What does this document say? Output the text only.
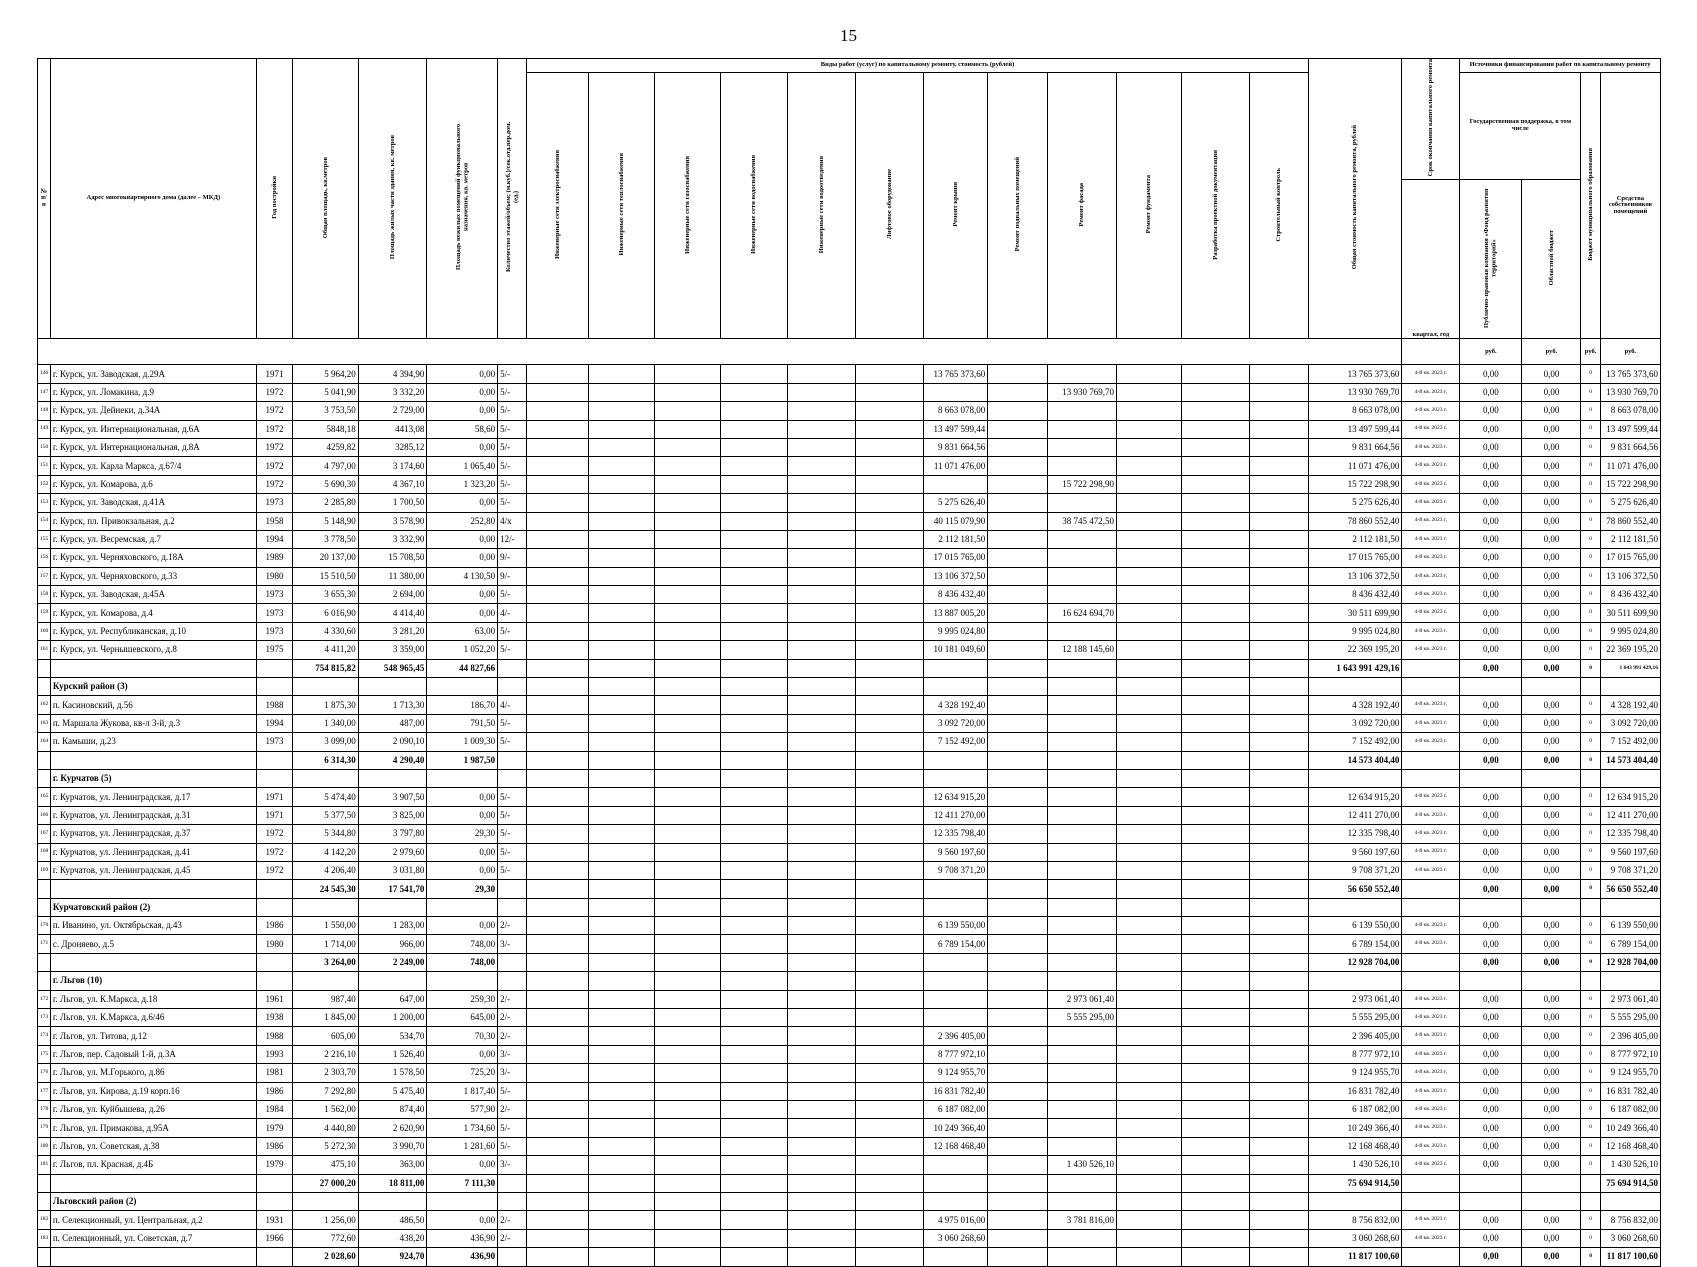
15
№ п/п	Адрес многоквартирного дома (далее – МКД)	Год постройки	Общая площадь, кв.метров	Площадь жилых части здания, кв. метров	Площадь нежилых помещений функционального назначения, кв. метров	Количество этажей/объем; (м.куб.)/сек.отд.пер.дом.(ед.)	Виды работ (услуг) по капитальному ремонту, стоимость (рублей)												Общая стоимость капитального ремонта, рублей	Срок окончания капитального ремонта	Источники финансирования работ по капитальному ремонту			
							Инженерные сети электроснабжения	Инженерные сети теплоснабжения	Инженерные сети газоснабжения	Инженерные сети водоснабжения	Инженерные сети водоотведения	Лифтовое оборудование	Ремонт крыши	Ремонт подвальных помещений	Ремонт фасада	Ремонт фундамента	Разработка проектной документации	Строительный контроль			Государственная поддержка, в том числе		Бюджет муниципального образования	Средства собственников помещений
																				квартал, год	Публично-правовая компания «Фонд развития территорий»	Областной бюджет		
																					руб.	руб.	руб.	руб.
146	г. Курск, ул. Заводская, д.29А	1971	5 964,20	4 394,90	0,00	5/-							13 765 373,60						13 765 373,60	4-й кв. 2023 г.	0,00	0,00	0	13 765 373,60
147	г. Курск, ул. Ломакина, д.9	1972	5 041,90	3 332,20	0,00	5/-									13 930 769,70				13 930 769,70	4-й кв. 2023 г.	0,00	0,00	0	13 930 769,70
148	г. Курск, ул. Дейнеки, д.34А	1972	3 753,50	2 729,00	0,00	5/-							8 663 078,00						8 663 078,00	4-й кв. 2023 г.	0,00	0,00	0	8 663 078,00
149	г. Курск, ул. Интернациональная, д.6А	1972	5848,18	4413,08	58,60	5/-							13 497 599,44						13 497 599,44	4-й кв. 2023 г.	0,00	0,00	0	13 497 599,44
150	г. Курск, ул. Интернациональная, д.8А	1972	4259,82	3285,12	0,00	5/-							9 831 664,56						9 831 664,56	4-й кв. 2023 г.	0,00	0,00	0	9 831 664,56
151	г. Курск, ул. Карла Маркса, д.67/4	1972	4 797,00	3 174,60	1 065,40	5/-							11 071 476,00						11 071 476,00	4-й кв. 2023 г.	0,00	0,00	0	11 071 476,00
152	г. Курск, ул. Комарова, д.6	1972	5 690,30	4 367,10	1 323,20	5/-									15 722 298,90				15 722 298,90	4-й кв. 2023 г.	0,00	0,00	0	15 722 298,90
153	г. Курск, ул. Заводская, д.41А	1973	2 285,80	1 700,50	0,00	5/-							5 275 626,40						5 275 626,40	4-й кв. 2023 г.	0,00	0,00	0	5 275 626,40
154	г. Курск, пл. Привокзальная, д.2	1958	5 148,90	3 578,90	252,80	4/х							40 115 079,90		38 745 472,50				78 860 552,40	4-й кв. 2023 г.	0,00	0,00	0	78 860 552,40
155	г. Курск, ул. Весремская, д.7	1994	3 778,50	3 332,90	0,00	12/-							2 112 181,50						2 112 181,50	4-й кв. 2023 г.	0,00	0,00	0	2 112 181,50
156	г. Курск, ул. Черняховского, д.18А	1989	20 137,00	15 708,50	0,00	9/-							17 015 765,00						17 015 765,00	4-й кв. 2023 г.	0,00	0,00	0	17 015 765,00
157	г. Курск, ул. Черняховского, д.33	1980	15 510,50	11 380,00	4 130,50	9/-							13 106 372,50						13 106 372,50	4-й кв. 2023 г.	0,00	0,00	0	13 106 372,50
158	г. Курск, ул. Заводская, д.45А	1973	3 655,30	2 694,00	0,00	5/-							8 436 432,40						8 436 432,40	4-й кв. 2023 г.	0,00	0,00	0	8 436 432,40
159	г. Курск, ул. Комарова, д.4	1973	6 016,90	4 414,40	0,00	4/-							13 887 005,20		16 624 694,70				30 511 699,90	4-й кв. 2023 г.	0,00	0,00	0	30 511 699,90
160	г. Курск, ул. Республиканская, д.10	1973	4 330,60	3 281,20	63,00	5/-							9 995 024,80						9 995 024,80	4-й кв. 2023 г.	0,00	0,00	0	9 995 024,80
161	г. Курск, ул. Чернышевского, д.8	1975	4 411,20	3 359,00	1 052,20	5/-							10 181 049,60		12 188 145,60				22 369 195,20	4-й кв. 2023 г.	0,00	0,00	0	22 369 195,20
			754 815,82	548 965,45	44 827,66														1 643 991 429,16		0,00	0,00	0	1 643 991 429,16
	Курский район (3)																							
162	п. Касиновский, д.56	1988	1 875,30	1 713,30	186,70	4/-							4 328 192,40						4 328 192,40	4-й кв. 2023 г.	0,00	0,00	0	4 328 192,40
163	п. Маршала Жукова, кв-л 3-й, д.3	1994	1 340,00	487,00	791,50	5/-							3 092 720,00						3 092 720,00	4-й кв. 2023 г.	0,00	0,00	0	3 092 720,00
164	п. Камыши, д.23	1973	3 099,00	2 090,10	1 009,30	5/-							7 152 492,00						7 152 492,00	4-й кв. 2023 г.	0,00	0,00	0	7 152 492,00
			6 314,30	4 290,40	1 987,50														14 573 404,40		0,00	0,00	0	14 573 404,40
	г. Курчатов (5)																							
165	г. Курчатов, ул. Ленинградская, д.17	1971	5 474,40	3 907,50	0,00	5/-							12 634 915,20						12 634 915,20	4-й кв. 2023 г.	0,00	0,00	0	12 634 915,20
166	г. Курчатов, ул. Ленинградская, д.31	1971	5 377,50	3 825,00	0,00	5/-							12 411 270,00						12 411 270,00	4-й кв. 2023 г.	0,00	0,00	0	12 411 270,00
167	г. Курчатов, ул. Ленинградская, д.37	1972	5 344,80	3 797,80	29,30	5/-							12 335 798,40						12 335 798,40	4-й кв. 2023 г.	0,00	0,00	0	12 335 798,40
168	г. Курчатов, ул. Ленинградская, д.41	1972	4 142,20	2 979,60	0,00	5/-							9 560 197,60						9 560 197,60	4-й кв. 2023 г.	0,00	0,00	0	9 560 197,60
169	г. Курчатов, ул. Ленинградская, д.45	1972	4 206,40	3 031,80	0,00	5/-							9 708 371,20						9 708 371,20	4-й кв. 2023 г.	0,00	0,00	0	9 708 371,20
			24 545,30	17 541,70	29,30														56 650 552,40		0,00	0,00	0	56 650 552,40
	Курчатовский район (2)																							
170	п. Иванино, ул. Октябрьская, д.43	1986	1 550,00	1 283,00	0,00	2/-							6 139 550,00						6 139 550,00	4-й кв. 2023 г.	0,00	0,00	0	6 139 550,00
171	с. Дроняево, д.5	1980	1 714,00	966,00	748,00	3/-							6 789 154,00						6 789 154,00	4-й кв. 2023 г.	0,00	0,00	0	6 789 154,00
			3 264,00	2 249,00	748,00														12 928 704,00		0,00	0,00	0	12 928 704,00
	г. Льгов (10)																							
172	г. Льгов, ул. К.Маркса, д.18	1961	987,40	647,00	259,30	2/-									2 973 061,40				2 973 061,40	4-й кв. 2023 г.	0,00	0,00	0	2 973 061,40
173	г. Льгов, ул. К.Маркса, д.6/46	1938	1 845,00	1 200,00	645,00	2/-									5 555 295,00				5 555 295,00	4-й кв. 2023 г.	0,00	0,00	0	5 555 295,00
174	г. Льгов, ул. Титова, д.12	1988	605,00	534,70	70,30	2/-							2 396 405,00						2 396 405,00	4-й кв. 2023 г.	0,00	0,00	0	2 396 405,00
175	г. Льгов, пер. Садовый 1-й, д.3А	1993	2 216,10	1 526,40	0,00	3/-							8 777 972,10						8 777 972,10	4-й кв. 2023 г.	0,00	0,00	0	8 777 972,10
176	г. Льгов, ул. М.Горького, д.86	1981	2 303,70	1 578,50	725,20	3/-							9 124 955,70						9 124 955,70	4-й кв. 2023 г.	0,00	0,00	0	9 124 955,70
177	г. Льгов, ул. Кирова, д.19 корп.16	1986	7 292,80	5 475,40	1 817,40	5/-							16 831 782,40						16 831 782,40	4-й кв. 2023 г.	0,00	0,00	0	16 831 782,40
178	г. Льгов, ул. Куйбышева, д.26	1984	1 562,00	874,40	577,90	2/-							6 187 082,00						6 187 082,00	4-й кв. 2023 г.	0,00	0,00	0	6 187 082,00
179	г. Льгов, ул. Примакова, д.95А	1979	4 440,80	2 620,90	1 734,60	5/-							10 249 366,40						10 249 366,40	4-й кв. 2023 г.	0,00	0,00	0	10 249 366,40
180	г. Льгов, ул. Советская, д.38	1986	5 272,30	3 990,70	1 281,60	5/-							12 168 468,40						12 168 468,40	4-й кв. 2023 г.	0,00	0,00	0	12 168 468,40
181	г. Льгов, пл. Красная, д.4Б	1979	475,10	363,00	0,00	3/-									1 430 526,10				1 430 526,10	4-й кв. 2023 г.	0,00	0,00	0	1 430 526,10
			27 000,20	18 811,00	7 111,30														75 694 914,50					75 694 914,50
	Льговский район (2)																							
182	п. Селекционный, ул. Центральная, д.2	1931	1 256,00	486,50	0,00	2/-							4 975 016,00		3 781 816,00				8 756 832,00	4-й кв. 2023 г.	0,00	0,00	0	8 756 832,00
183	п. Селекционный, ул. Советская, д.7	1966	772,60	438,20	436,90	2/-							3 060 268,60						3 060 268,60	4-й кв. 2023 г.	0,00	0,00	0	3 060 268,60
			2 028,60	924,70	436,90														11 817 100,60		0,00	0,00	0	11 817 100,60
